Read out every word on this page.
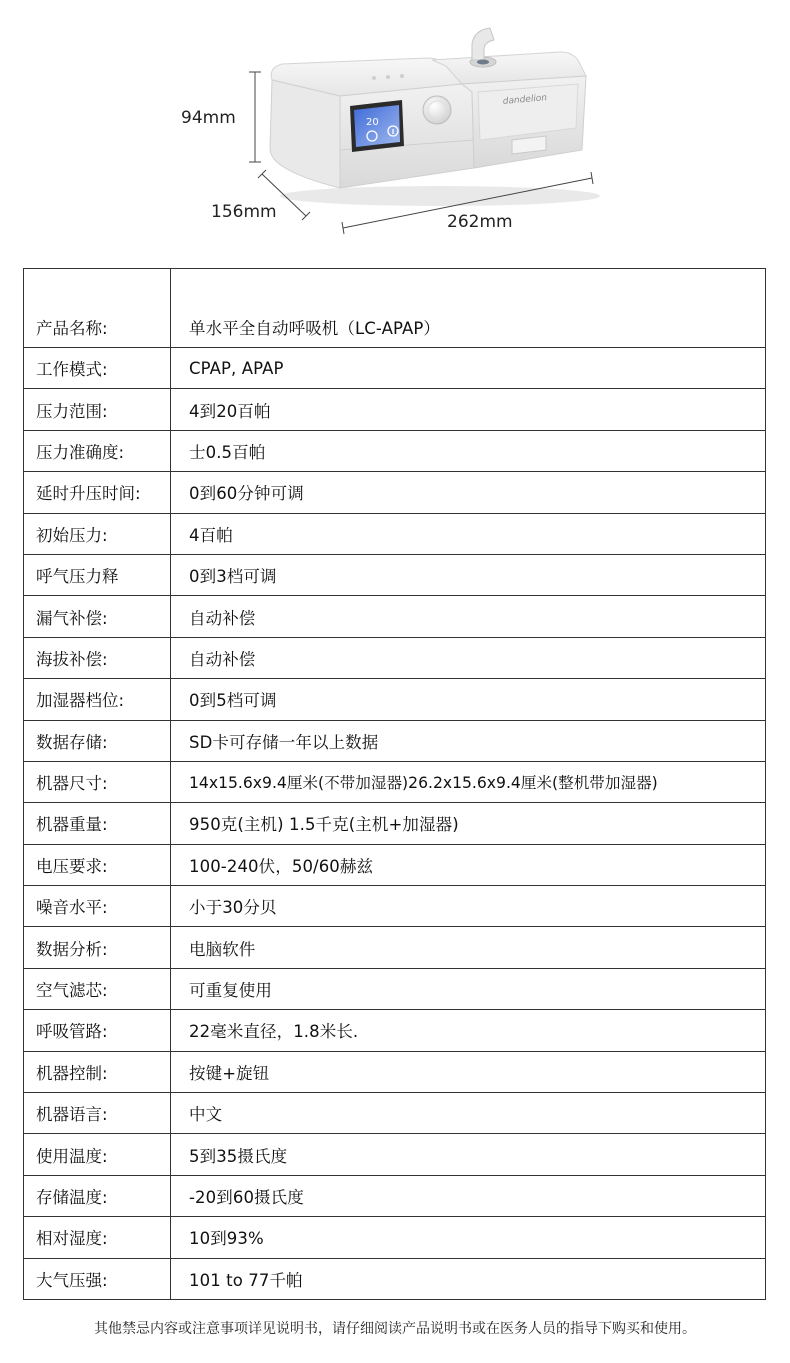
20
dandelion
94mm
156mm	262mm
产品名称:	单水平全自动呼吸机（LC-APAP）
工作模式:	CPAP, APAP
压力范围:	4到20百帕
压力准确度:	士0.5百帕
延时升压时间:	0到60分钟可调
初始压力:	4百帕
呼气压力释	0到3档可调
漏气补偿:	自动补偿
海拔补偿:	自动补偿
加湿器档位:	0到5档可调
数据存储:	SD卡可存储一年以上数据
机器尺寸:	14x15.6x9.4厘米(不带加湿器)26.2x15.6x9.4厘米(整机带加湿器)
机器重量:	950克(主机) 1.5千克(主机+加湿器)
电压要求:	100-240伏，50/60赫兹
噪音水平:	小于30分贝
数据分析:	电脑软件
空气滤芯:	可重复使用
呼吸管路:	22毫米直径，1.8米长.
机器控制:	按键+旋钮
机器语言:	中文
使用温度:	5到35摄氏度
存储温度:	-20到60摄氏度
相对湿度:	10到93%
大气压强:	101 to 77千帕
其他禁忌内容或注意事项详见说明书，请仔细阅读产品说明书或在医务人员的指导下购买和使用。
